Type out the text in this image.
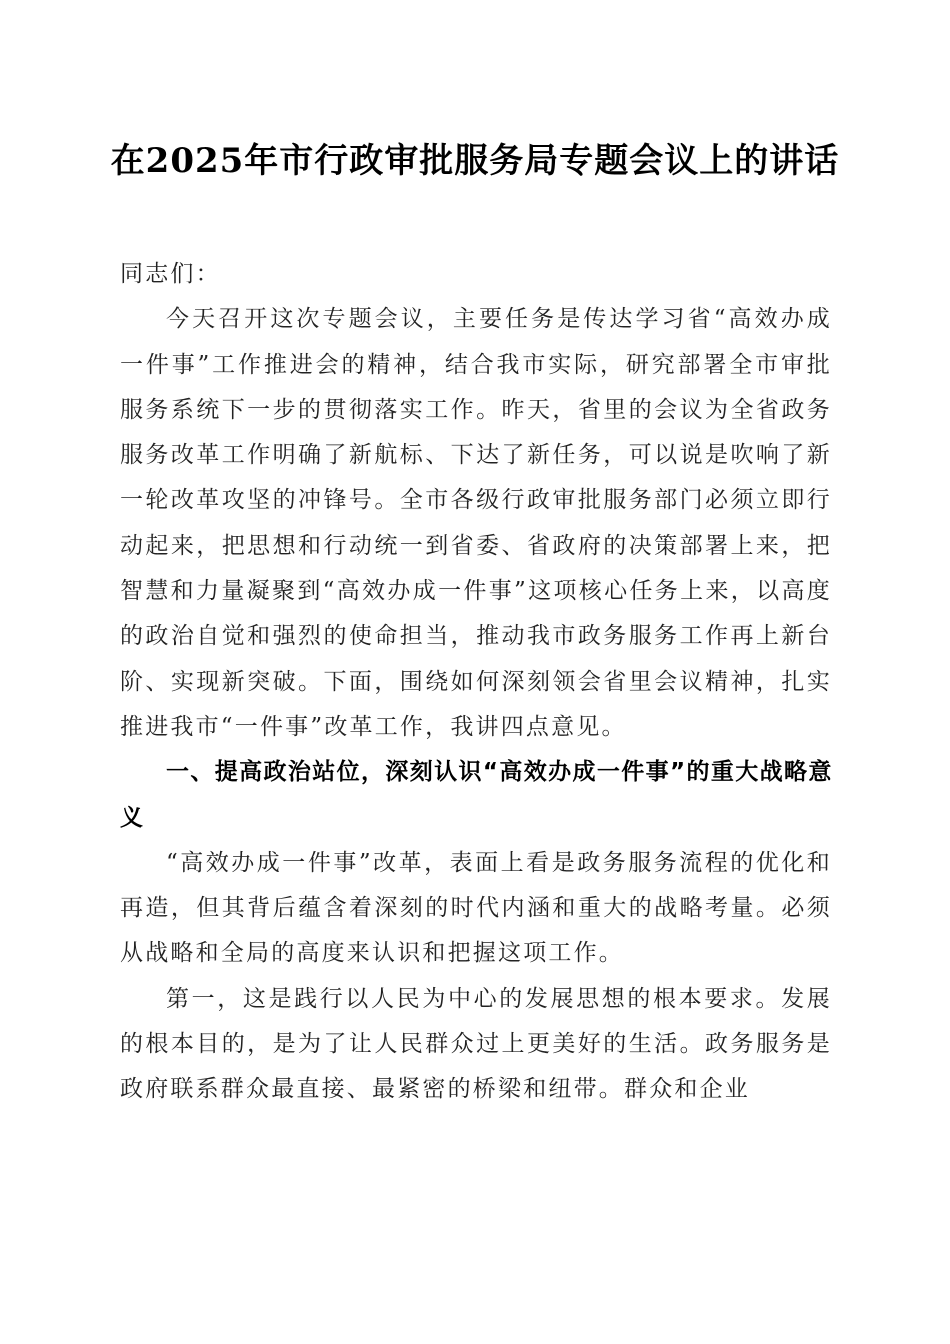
在2025年市行政审批服务局专题会议上的讲话

同志们：

今天召开这次专题会议，主要任务是传达学习省“高效办成一件事”工作推进会的精神，结合我市实际，研究部署全市审批服务系统下一步的贯彻落实工作。昨天，省里的会议为全省政务服务改革工作明确了新航标、下达了新任务，可以说是吹响了新一轮改革攻坚的冲锋号。全市各级行政审批服务部门必须立即行动起来，把思想和行动统一到省委、省政府的决策部署上来，把智慧和力量凝聚到“高效办成一件事”这项核心任务上来，以高度的政治自觉和强烈的使命担当，推动我市政务服务工作再上新台阶、实现新突破。下面，围绕如何深刻领会省里会议精神，扎实推进我市“一件事”改革工作，我讲四点意见。

一、提高政治站位，深刻认识“高效办成一件事”的重大战略意义

“高效办成一件事”改革，表面上看是政务服务流程的优化和再造，但其背后蕴含着深刻的时代内涵和重大的战略考量。必须从战略和全局的高度来认识和把握这项工作。

第一，这是践行以人民为中心的发展思想的根本要求。发展的根本目的，是为了让人民群众过上更美好的生活。政务服务是政府联系群众最直接、最紧密的桥梁和纽带。群众和企业
